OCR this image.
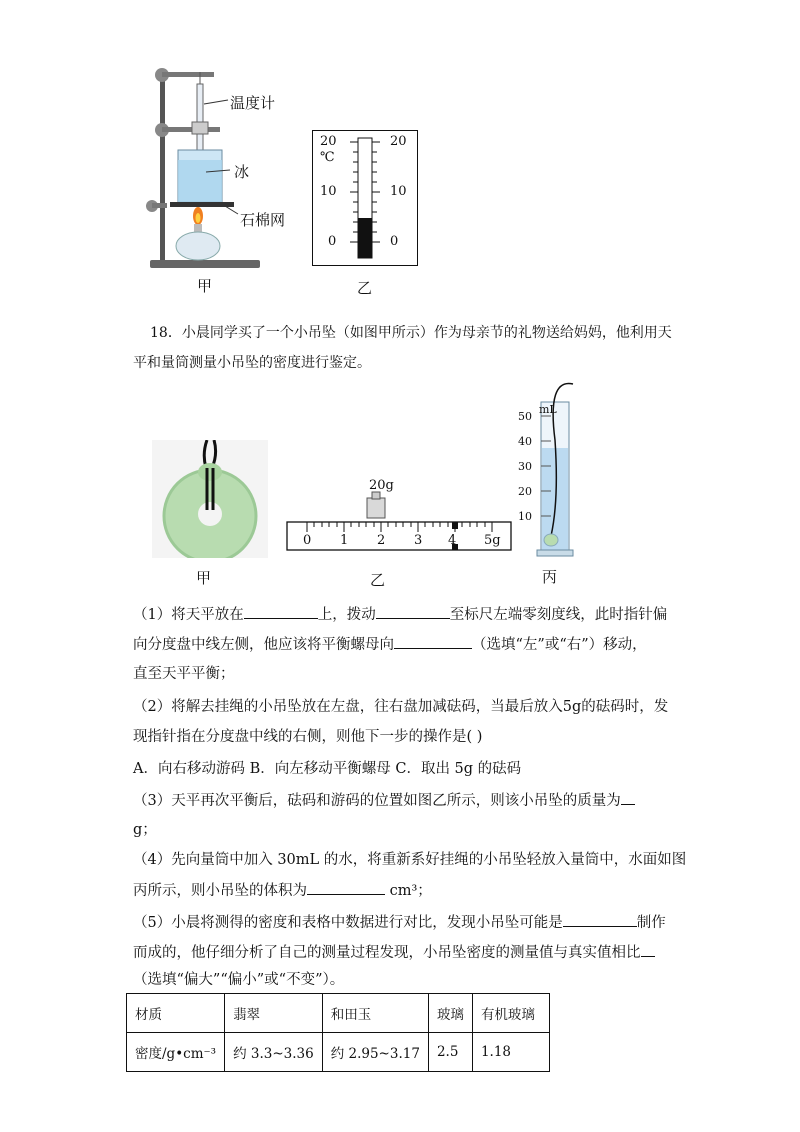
温度计
冰
石棉网
甲
20
℃
10
0
20
10
0
乙
18．小晨同学买了一个小吊坠（如图甲所示）作为母亲节的礼物送给妈妈，他利用天
平和量筒测量小吊坠的密度进行鉴定。
甲
20g
0 1 2 3 4 5g
乙
mL
50
40
30
20
10
丙
（1）将天平放在	上，拨动	至标尺左端零刻度线，此时指针偏
向分度盘中线左侧，他应该将平衡螺母向	（选填“左”或“右”）移动，
直至天平平衡；
（2）将解去挂绳的小吊坠放在左盘，往右盘加减砝码，当最后放入5g的砝码时，发
现指针指在分度盘中线的右侧，则他下一步的操作是( )
A．向右移动游码 B．向左移动平衡螺母 C．取出 5g 的砝码
（3）天平再次平衡后，砝码和游码的位置如图乙所示，则该小吊坠的质量为
g；
（4）先向量筒中加入 30mL 的水，将重新系好挂绳的小吊坠轻放入量筒中，水面如图
丙所示，则小吊坠的体积为	cm³；
（5）小晨将测得的密度和表格中数据进行对比，发现小吊坠可能是	制作
而成的，他仔细分析了自己的测量过程发现，小吊坠密度的测量值与真实值相比
（选填“偏大”“偏小”或“不变”）。
材质	翡翠	和田玉	玻璃	有机玻璃
密度/g•cm⁻³	约 3.3~3.36	约 2.95~3.17	2.5	1.18
